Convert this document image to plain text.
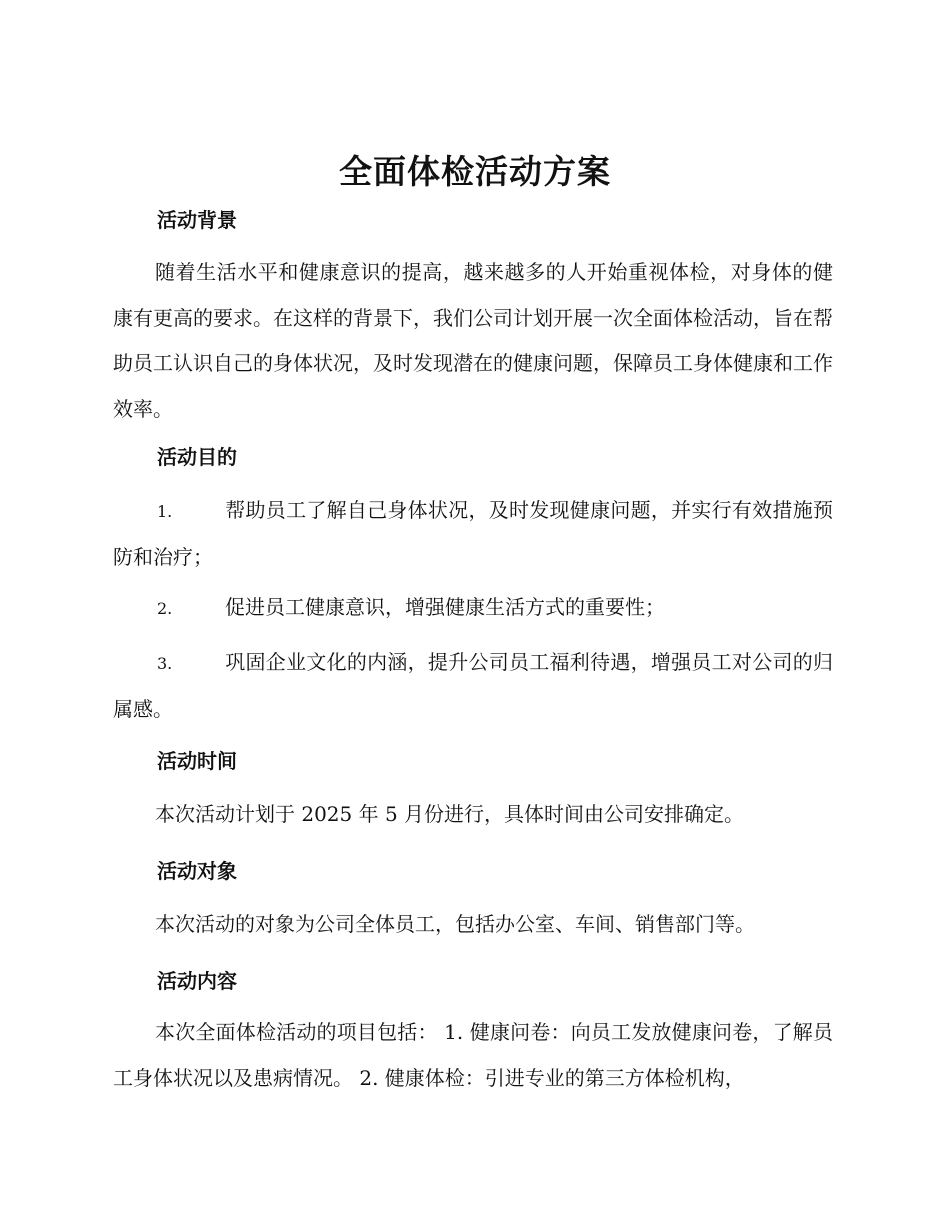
全面体检活动方案
活动背景

随着生活水平和健康意识的提高，越来越多的人开始重视体检，对身体的健康有更高的要求。在这样的背景下，我们公司计划开展一次全面体检活动，旨在帮助员工认识自己的身体状况，及时发现潜在的健康问题，保障员工身体健康和工作效率。

活动目的

1.	帮助员工了解自己身体状况，及时发现健康问题，并实行有效措施预防和治疗；

2.	促进员工健康意识，增强健康生活方式的重要性；

3.	巩固企业文化的内涵，提升公司员工福利待遇，增强员工对公司的归属感。

活动时间

本次活动计划于 2025 年 5 月份进行，具体时间由公司安排确定。

活动对象

本次活动的对象为公司全体员工，包括办公室、车间、销售部门等。

活动内容

本次全面体检活动的项目包括： 1. 健康问卷：向员工发放健康问卷，了解员工身体状况以及患病情况。 2. 健康体检：引进专业的第三方体检机构，
